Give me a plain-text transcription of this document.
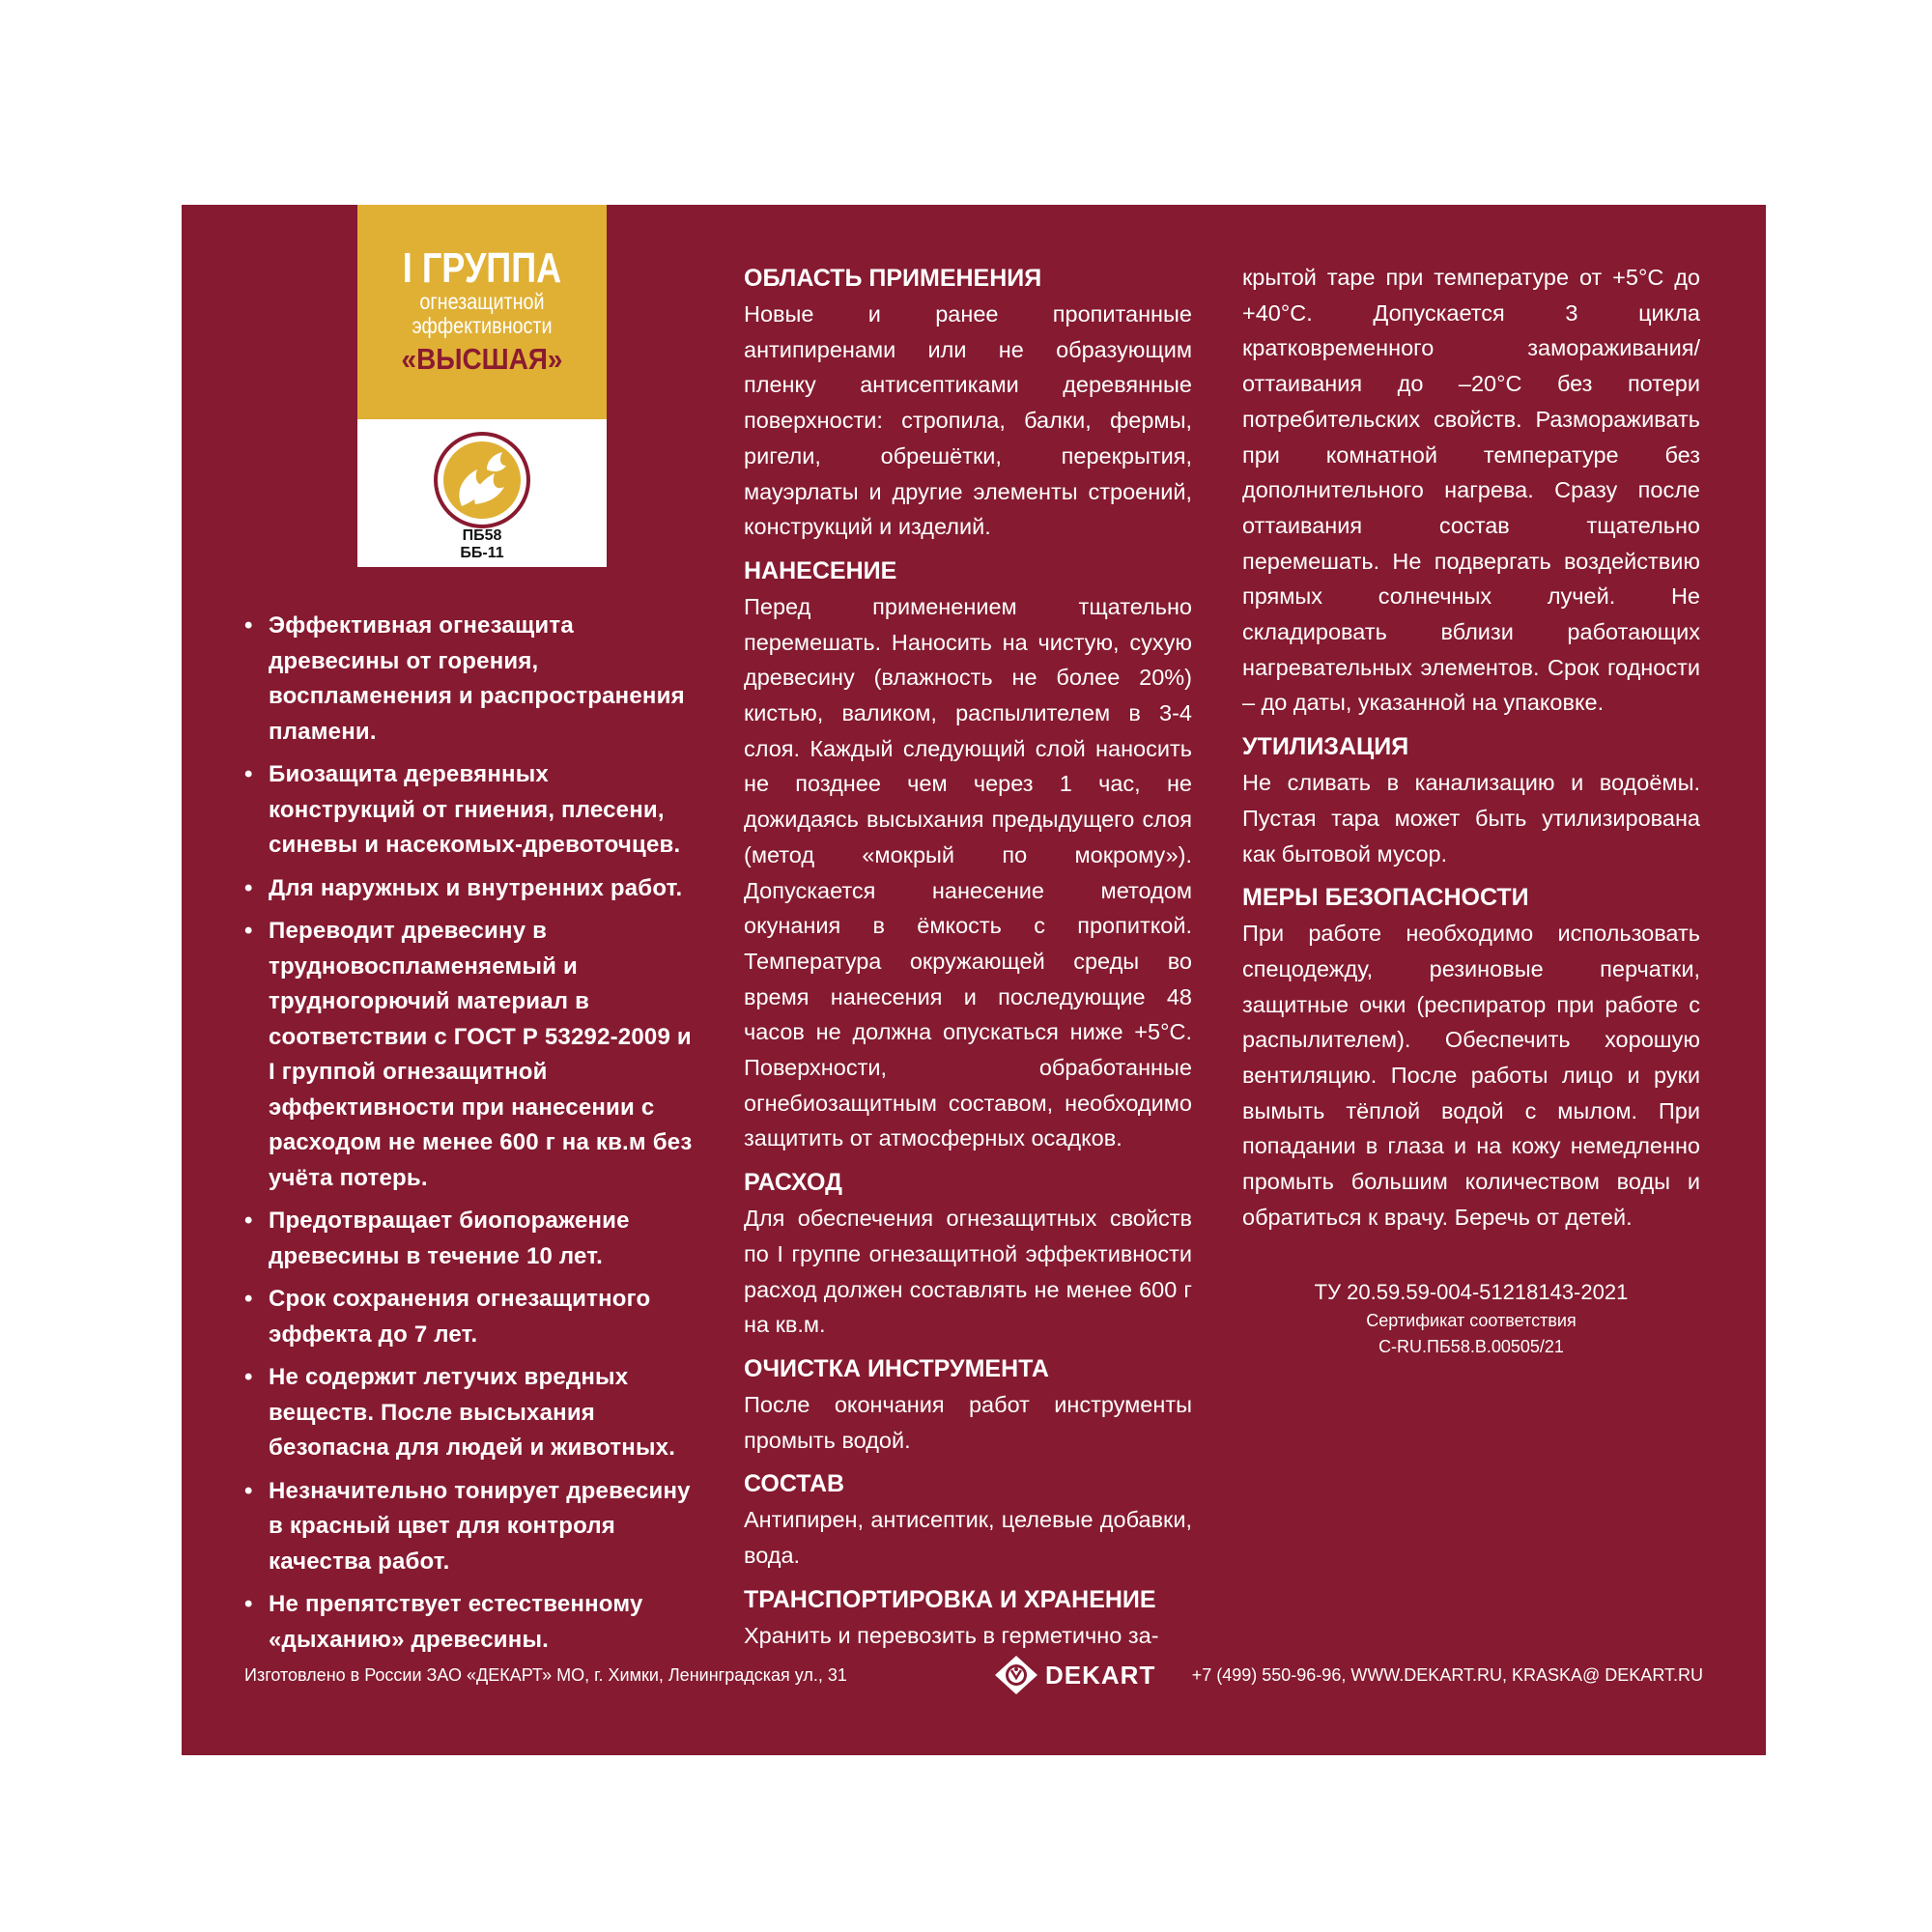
I ГРУППА
огнезащитной
эффективности
«ВЫСШАЯ»
ПБ58
ББ-11
• Эффективная огнезащита древесины от горения, воспламенения и распространения пламени.
• Биозащита деревянных конструкций от гниения, плесени, синевы и насекомых-древоточцев.
• Для наружных и внутренних работ.
• Переводит древесину в трудновоспламеняемый и трудногорючий материал в соответствии с ГОСТ Р 53292-2009 и I группой огнезащитной эффективности при нанесении с расходом не менее 600 г на кв.м без учёта потерь.
• Предотвращает биопоражение древесины в течение 10 лет.
• Срок сохранения огнезащитного эффекта до 7 лет.
• Не содержит летучих вредных веществ. После высыхания безопасна для людей и животных.
• Незначительно тонирует древесину в красный цвет для контроля качества работ.
• Не препятствует естественному «дыханию» древесины.
ОБЛАСТЬ ПРИМЕНЕНИЯ

Новые и ранее пропитанные антипиренами или не образующим пленку антисептиками деревянные поверхности: стропила, балки, фермы, ригели, обрешётки, перекрытия, мауэрлаты и другие элементы строений, конструкций и изделий.

НАНЕСЕНИЕ

Перед применением тщательно перемешать. Наносить на чистую, сухую древесину (влажность не более 20%) кистью, валиком, распылителем в 3-4 слоя. Каждый следующий слой наносить не позднее чем через 1 час, не дожидаясь высыхания предыдущего слоя (метод «мокрый по мокрому»). Допускается нанесение методом окунания в ёмкость с пропиткой. Температура окружающей среды во время нанесения и последующие 48 часов не должна опускаться ниже +5°С. Поверхности, обработанные огнебиозащитным составом, необходимо защитить от атмосферных осадков.

РАСХОД

Для обеспечения огнезащитных свойств по I группе огнезащитной эффективности расход должен составлять не менее 600 г на кв.м.

ОЧИСТКА ИНСТРУМЕНТА

После окончания работ инструменты промыть водой.

СОСТАВ

Антипирен, антисептик, целевые добавки, вода.

ТРАНСПОРТИРОВКА И ХРАНЕНИЕ

Хранить и перевозить в герметично за-

крытой таре при температуре от +5°С до +40°С. Допускается 3 цикла кратковременного замораживания/оттаивания до –20°С без потери потребительских свойств. Размораживать при комнатной температуре без дополнительного нагрева. Сразу после оттаивания состав тщательно перемешать. Не подвергать воздействию прямых солнечных лучей. Не складировать вблизи работающих нагревательных элементов. Срок годности – до даты, указанной на упаковке.

УТИЛИЗАЦИЯ

Не сливать в канализацию и водоёмы. Пустая тара может быть утилизирована как бытовой мусор.

МЕРЫ БЕЗОПАСНОСТИ

При работе необходимо использовать спецодежду, резиновые перчатки, защитные очки (респиратор при работе с распылителем). Обеспечить хорошую вентиляцию. После работы лицо и руки вымыть тёплой водой с мылом. При попадании в глаза и на кожу немедленно промыть большим количеством воды и обратиться к врачу. Беречь от детей.

ТУ 20.59.59-004-51218143-2021
Сертификат соответствия
С-RU.ПБ58.В.00505/21
Изготовлено в России ЗАО «ДЕКАРТ» МО, г. Химки, Ленинградская ул., 31	DEKART +7 (499) 550-96-96, WWW.DEKART.RU, KRASKA@ DEKART.RU
